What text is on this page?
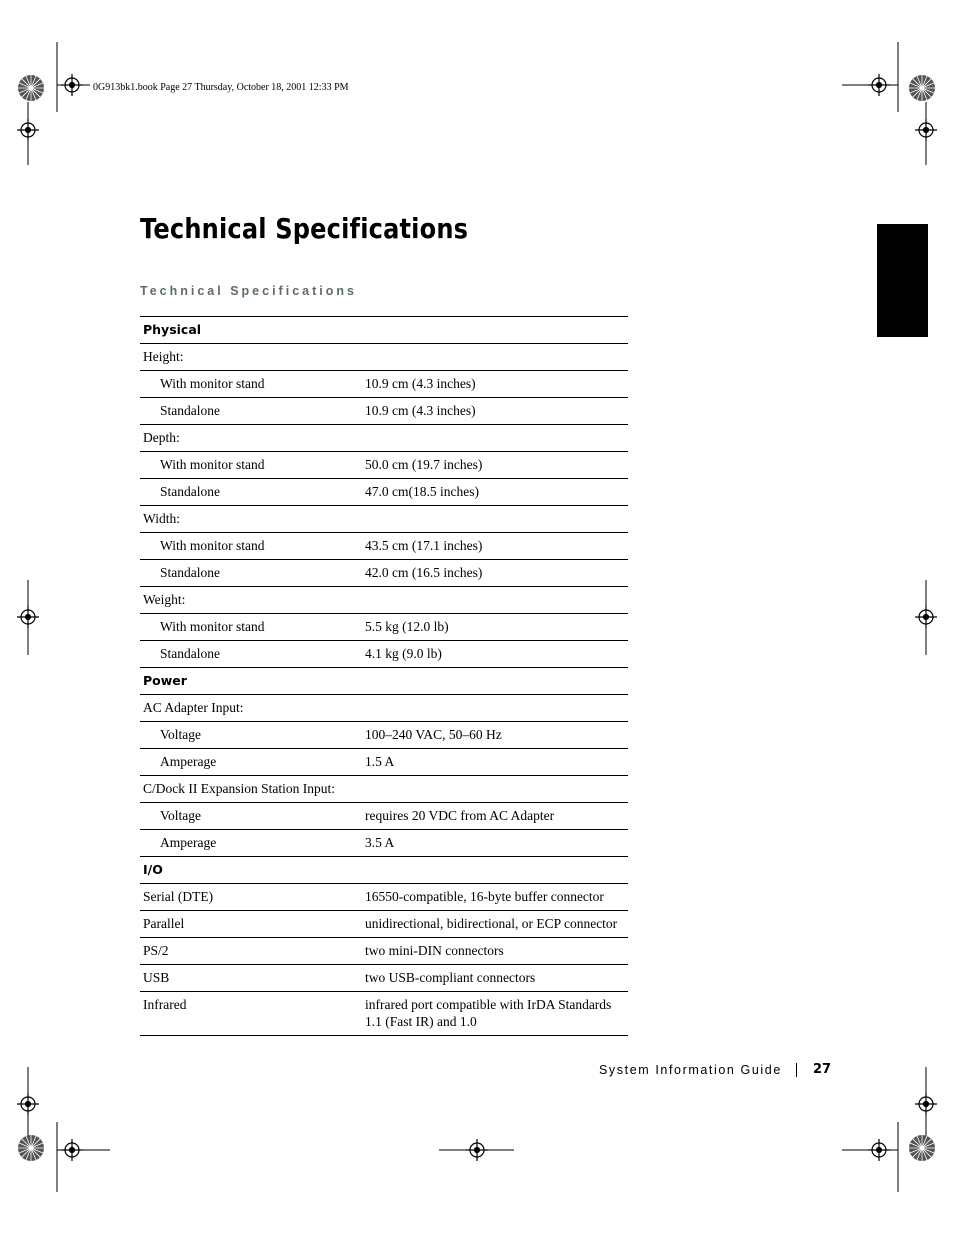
0G913bk1.book Page 27 Thursday, October 18, 2001 12:33 PM
Technical Specifications
Technical Specifications
Physical	
Height:	
With monitor stand	10.9 cm (4.3 inches)
Standalone	10.9 cm (4.3 inches)
Depth:	
With monitor stand	50.0 cm (19.7 inches)
Standalone	47.0 cm(18.5 inches)
Width:	
With monitor stand	43.5 cm (17.1 inches)
Standalone	42.0 cm (16.5 inches)
Weight:	
With monitor stand	5.5 kg (12.0 lb)
Standalone	4.1 kg (9.0 lb)
Power	
AC Adapter Input:	
Voltage	100–240 VAC, 50–60 Hz
Amperage	1.5 A
C/Dock II Expansion Station Input:	
Voltage	requires 20 VDC from AC Adapter
Amperage	3.5 A
I/O	
Serial (DTE)	16550-compatible, 16-byte buffer connector
Parallel	unidirectional, bidirectional, or ECP connector
PS/2	two mini-DIN connectors
USB	two USB-compliant connectors
Infrared	infrared port compatible with IrDA Standards 1.1 (Fast IR) and 1.0
System Information Guide 27
